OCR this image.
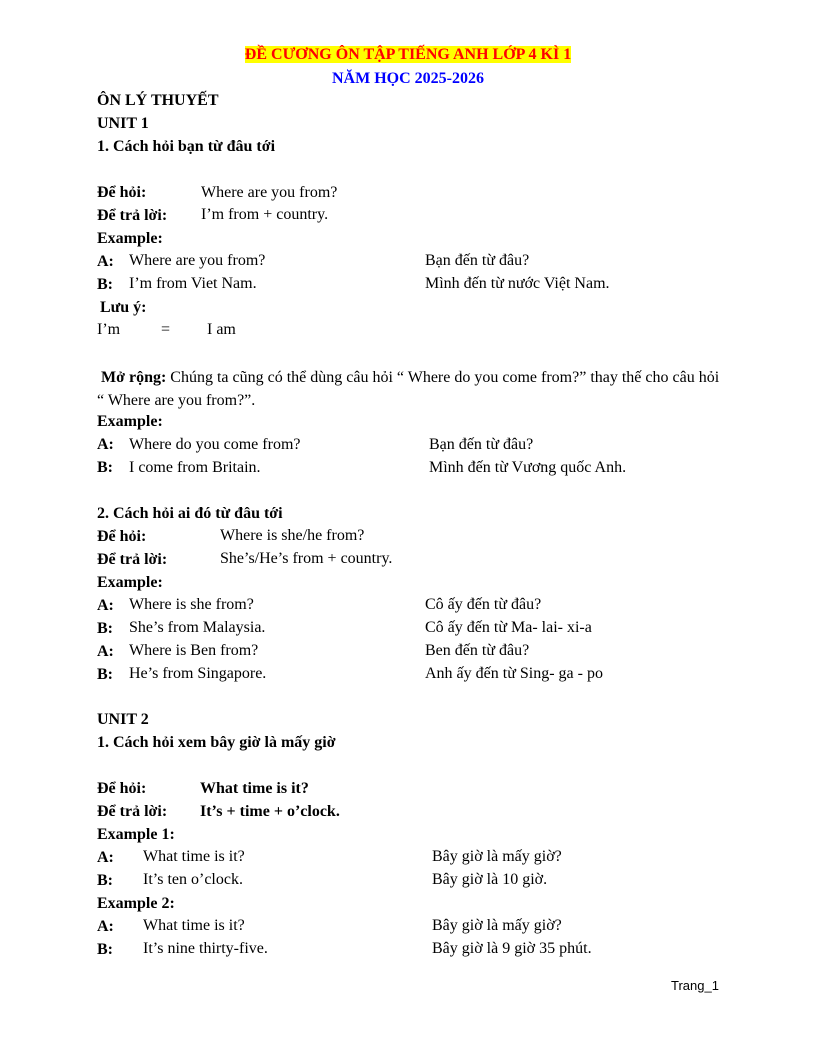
ĐỀ CƯƠNG ÔN TẬP TIẾNG ANH LỚP 4 KÌ 1
NĂM HỌC 2025-2026
ÔN LÝ THUYẾT
UNIT 1
1. Cách hỏi bạn từ đâu tới
Để hỏi:	Where are you from?
Để trả lời: I’m from + country.
Example:
A: Where are you from?	Bạn đến từ đâu?
B: I’m from Viet Nam.	Mình đến từ nước Việt Nam.
Lưu ý:
I’m	= I am
Mở rộng: Chúng ta cũng có thể dùng câu hỏi “ Where do you come from?” thay thế cho câu hỏi “ Where are you from?”.
Example:
A: Where do you come from?	Bạn đến từ đâu?
B: I come from Britain.	Mình đến từ Vương quốc Anh.
2. Cách hỏi ai đó từ đâu tới
Để hỏi:	Where is she/he from?
Để trả lời:	She’s/He’s from + country.
Example:
A: Where is she from?	Cô ấy đến từ đâu?
B: She’s from Malaysia.	Cô ấy đến từ Ma- lai- xi-a
A: Where is Ben from?	Ben đến từ đâu?
B: He’s from Singapore.	Anh ấy đến từ Sing- ga - po
UNIT 2
1. Cách hỏi xem bây giờ là mấy giờ
Để hỏi:	What time is it?
Để trả lời: It’s + time + o’clock.
Example 1:
A: What time is it?	Bây giờ là mấy giờ?
B: It’s ten o’clock.	Bây giờ là 10 giờ.
Example 2:
A: What time is it?	Bây giờ là mấy giờ?
B: It’s nine thirty-five.	Bây giờ là 9 giờ 35 phút.
Trang_1
